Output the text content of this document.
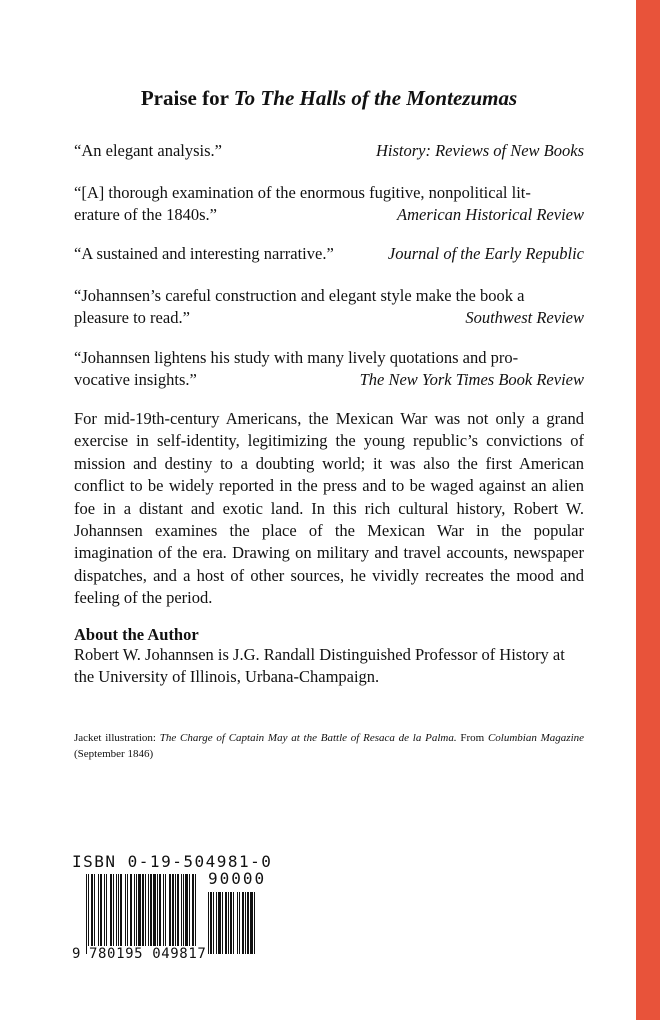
Praise for To The Halls of the Montezumas
“An elegant analysis.”	History: Reviews of New Books
“[A] thorough examination of the enormous fugitive, nonpolitical lit-
erature of the 1840s.”	American Historical Review
“A sustained and interesting narrative.”	Journal of the Early Republic
“Johannsen’s careful construction and elegant style make the book a
pleasure to read.”	Southwest Review
“Johannsen lightens his study with many lively quotations and pro-
vocative insights.”	The New York Times Book Review

For mid-19th-century Americans, the Mexican War was not only a grand exercise in self-identity, legitimizing the young republic’s convictions of mission and destiny to a doubting world; it was also the first American conflict to be widely reported in the press and to be waged against an alien foe in a distant and exotic land. In this rich cultural history, Robert W. Johannsen examines the place of the Mexican War in the popular imagination of the era. Drawing on military and travel accounts, newspaper dispatches, and a host of other sources, he vividly recreates the mood and feeling of the period.

About the Author

Robert W. Johannsen is J.G. Randall Distinguished Professor of History at the University of Illinois, Urbana-Champaign.

Jacket illustration: The Charge of Captain May at the Battle of Resaca de la Palma. From Columbian Magazine (September 1846)

ISBN 0-19-504981-0
90000
9 780195 049817
